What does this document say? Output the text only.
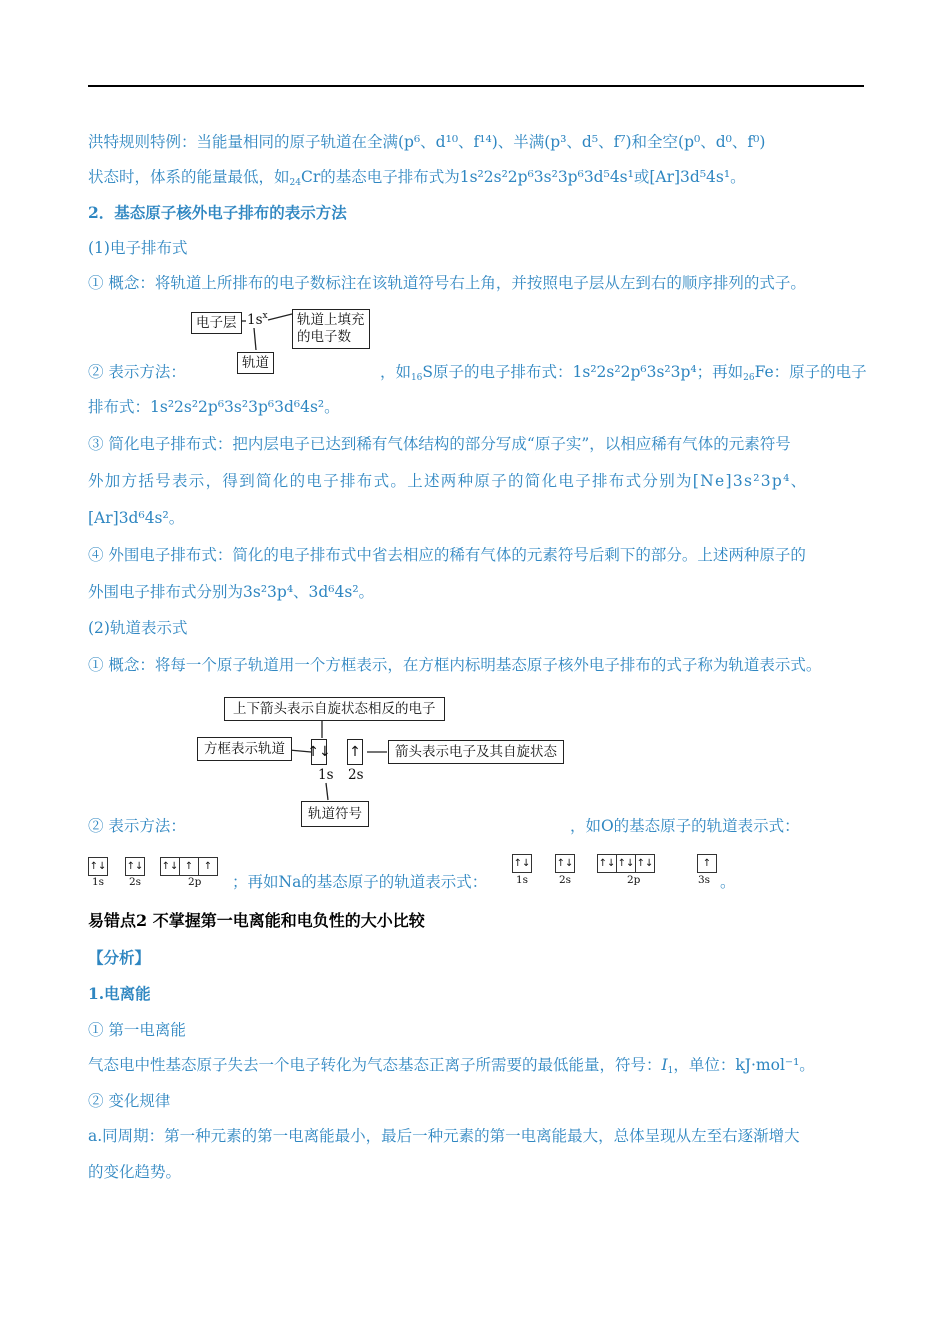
洪特规则特例：当能量相同的原子轨道在全满(p⁶、d¹⁰、f¹⁴)、半满(p³、d⁵、f⁷)和全空(p⁰、d⁰、f⁰)
状态时，体系的能量最低，如$_{24}$Cr的基态电子排布式为1s²2s²2p⁶3s²3p⁶3d⁵4s¹或[Ar]3d⁵4s¹。
2．基态原子核外电子排布的表示方法
(1)电子排布式
① 概念：将轨道上所排布的电子数标注在该轨道符号右上角，并按照电子层从左到右的顺序排列的式子。
电子层 $1s^x$	轨道上填充
的电子数
轨道
② 表示方法：	，如$_{16}$S原子的电子排布式：1s²2s²2p⁶3s²3p⁴；再如$_{26}$Fe：原子的电子
排布式：1s²2s²2p⁶3s²3p⁶3d⁶4s²。
③ 简化电子排布式：把内层电子已达到稀有气体结构的部分写成“原子实”，以相应稀有气体的元素符号
外加方括号表示，得到简化的电子排布式。上述两种原子的简化电子排布式分别为[Ne]3s²3p⁴、
[Ar]3d⁶4s²。
④ 外围电子排布式：简化的电子排布式中省去相应的稀有气体的元素符号后剩下的部分。上述两种原子的
外围电子排布式分别为3s²3p⁴、3d⁶4s²。
(2)轨道表示式
① 概念：将每一个原子轨道用一个方框表示，在方框内标明基态原子核外电子排布的式子称为轨道表示式。
上下箭头表示自旋状态相反的电子
方框表示轨道	箭头表示电子及其自旋状态
↑↓ ↑
1s 2s
轨道符号
② 表示方法：	，如O的基态原子的轨道表示式：
↑↓ ↑↓ ↑↓ ↑	↑
1s 2s	2p ；再如Na的基态原子的轨道表示式：
↑↓	↑↓	↑↓ ↑↓ ↑↓	↑
1s	2s	2p	3s 。
易错点2 不掌握第一电离能和电负性的大小比较
【分析】
1.电离能
① 第一电离能
气态电中性基态原子失去一个电子转化为气态基态正离子所需要的最低能量，符号：$I_1$，单位：kJ·mol⁻¹。
② 变化规律
a.同周期：第一种元素的第一电离能最小，最后一种元素的第一电离能最大，总体呈现从左至右逐渐增大
的变化趋势。
